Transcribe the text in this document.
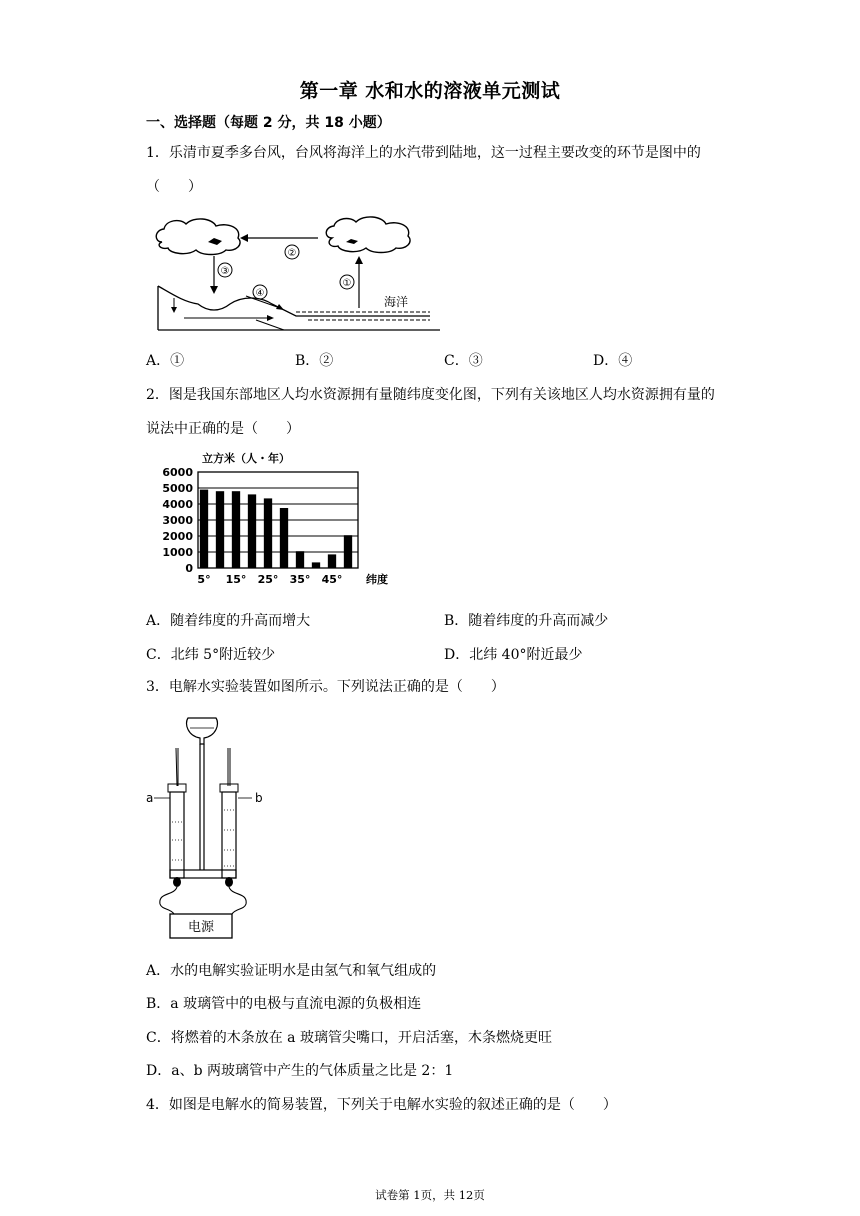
第一章 水和水的溶液单元测试
一、选择题（每题 2 分，共 18 小题）
1．乐清市夏季多台风，台风将海洋上的水汽带到陆地，这一过程主要改变的环节是图中的（　　）
②
③
①
④
海洋
A．①	B．②	C．③	D．④
2．图是我国东部地区人均水资源拥有量随纬度变化图，下列有关该地区人均水资源拥有量的说法中正确的是（　　）
立方米（人・年）
0
1000
2000
3000
4000
5000
6000
5° 15° 25° 35° 45° 纬度
A．随着纬度的升高而增大	B．随着纬度的升高而减少
C．北纬 5°附近较少	D．北纬 40°附近最少
3．电解水实验装置如图所示。下列说法正确的是（　　）
a	b
电源
A．水的电解实验证明水是由氢气和氧气组成的
B．a 玻璃管中的电极与直流电源的负极相连
C．将燃着的木条放在 a 玻璃管尖嘴口，开启活塞，木条燃烧更旺
D．a、b 两玻璃管中产生的气体质量之比是 2：1
4．如图是电解水的简易装置，下列关于电解水实验的叙述正确的是（　　）
试卷第 1页，共 12页
